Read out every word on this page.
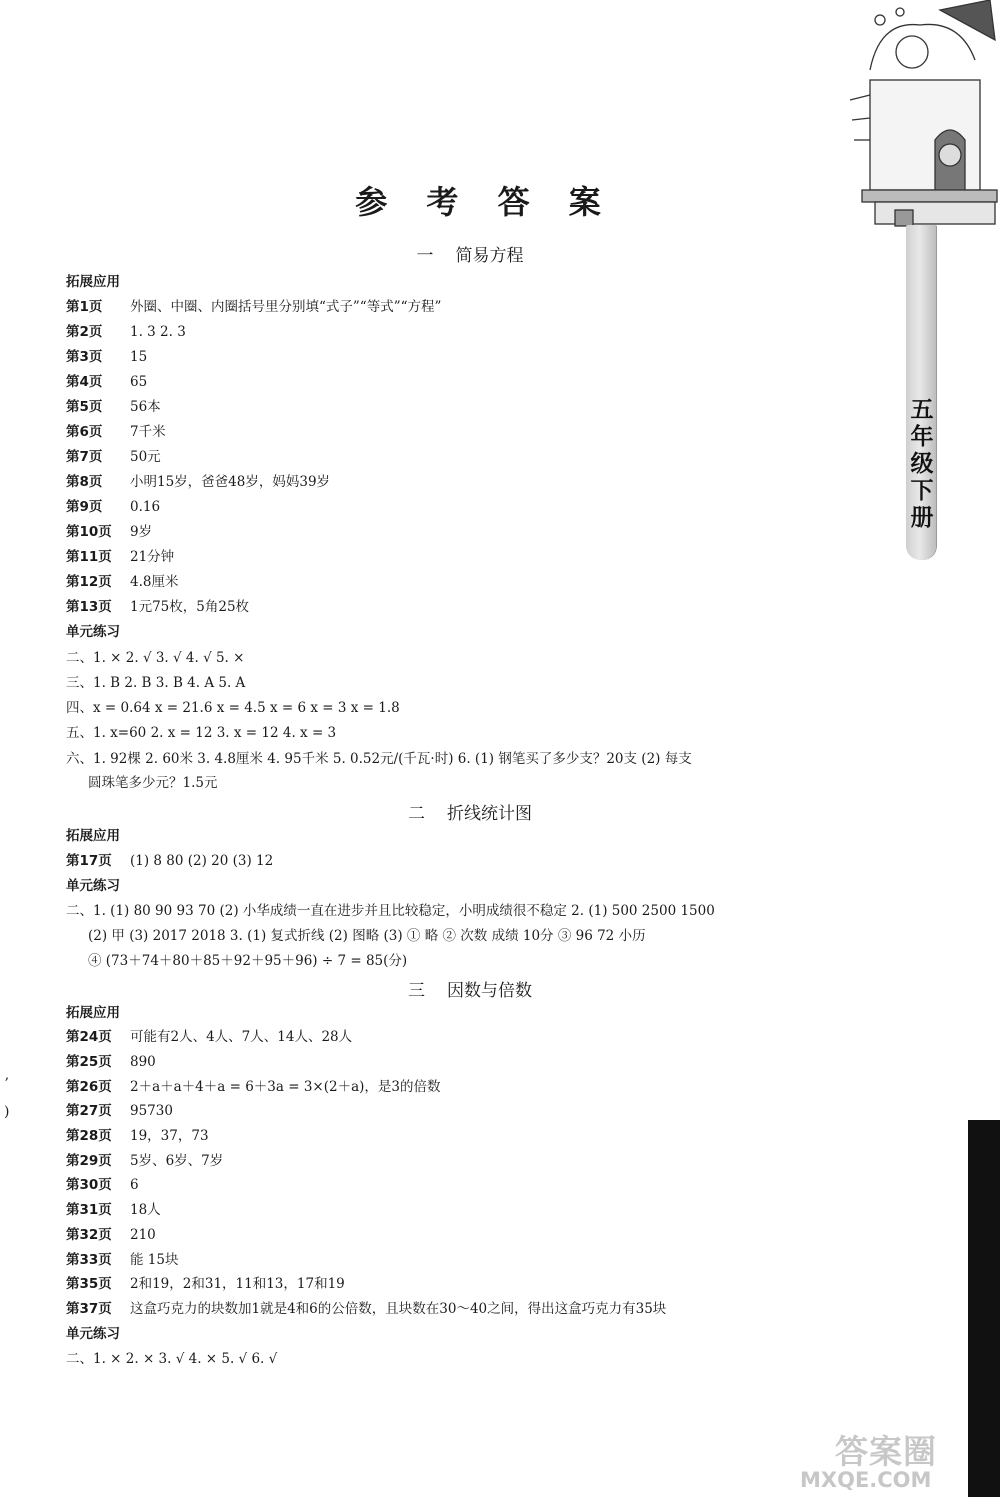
五
年
级
下
册
ʼ
)
参 考 答 案
一 简易方程
拓展应用
第1页 外圈、中圈、内圈括号里分别填“式子”“等式”“方程”
第2页 1. 3 2. 3
第3页 15
第4页 65
第5页 56本
第6页 7千米
第7页 50元
第8页 小明15岁，爸爸48岁，妈妈39岁
第9页 0.16
第10页 9岁
第11页 21分钟
第12页 4.8厘米
第13页 1元75枚，5角25枚
单元练习
二、1. × 2. √ 3. √ 4. √ 5. ×
三、1. B 2. B 3. B 4. A 5. A
四、x = 0.64 x = 21.6 x = 4.5 x = 6 x = 3 x = 1.8
五、1. x=60 2. x = 12 3. x = 12 4. x = 3
六、1. 92棵 2. 60米 3. 4.8厘米 4. 95千米 5. 0.52元/(千瓦·时) 6. (1) 钢笔买了多少支？20支 (2) 每支
圆珠笔多少元？1.5元
二 折线统计图
拓展应用
第17页 (1) 8 80 (2) 20 (3) 12
单元练习
二、1. (1) 80 90 93 70 (2) 小华成绩一直在进步并且比较稳定，小明成绩很不稳定 2. (1) 500 2500 1500
(2) 甲 (3) 2017 2018 3. (1) 复式折线 (2) 图略 (3) ① 略 ② 次数 成绩 10分 ③ 96 72 小历
④ (73＋74＋80＋85＋92＋95＋96) ÷ 7 = 85(分)
三 因数与倍数
拓展应用
第24页 可能有2人、4人、7人、14人、28人
第25页 890
第26页 2＋a＋a＋4＋a = 6＋3a = 3×(2＋a)，是3的倍数
第27页 95730
第28页 19，37，73
第29页 5岁、6岁、7岁
第30页 6
第31页 18人
第32页 210
第33页 能 15块
第35页 2和19，2和31，11和13，17和19
第37页 这盒巧克力的块数加1就是4和6的公倍数，且块数在30～40之间，得出这盒巧克力有35块
单元练习
二、1. × 2. × 3. √ 4. × 5. √ 6. √
答案圈
MXQE.COM
